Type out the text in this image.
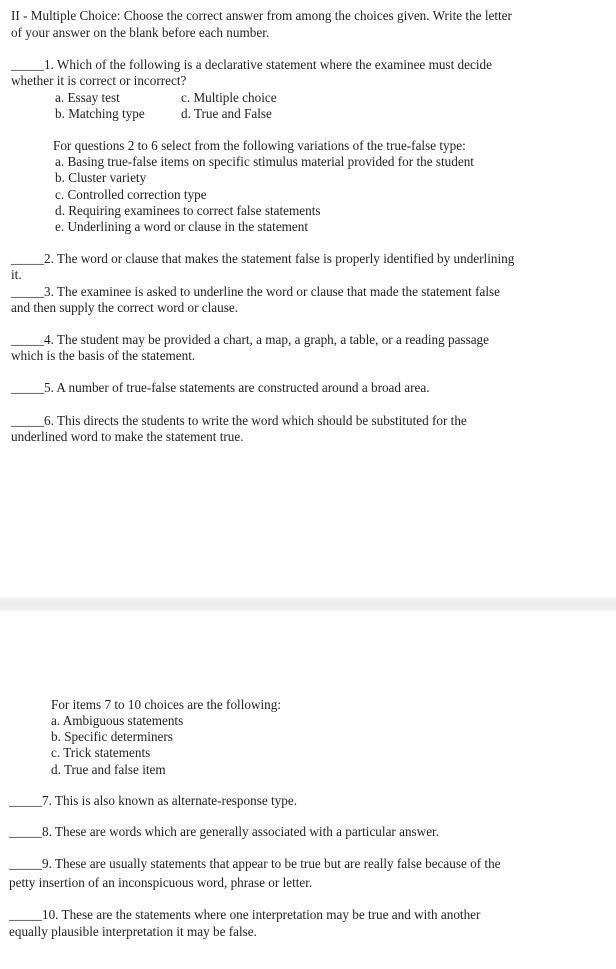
II - Multiple Choice: Choose the correct answer from among the choices given. Write the letter
of your answer on the blank before each number.
_____1. Which of the following is a declarative statement where the examinee must decide
whether it is correct or incorrect?
a. Essay test	c. Multiple choice
b. Matching type	d. True and False
For questions 2 to 6 select from the following variations of the true-false type:
a. Basing true-false items on specific stimulus material provided for the student
b. Cluster variety
c. Controlled correction type
d. Requiring examinees to correct false statements
e. Underlining a word or clause in the statement
_____2. The word or clause that makes the statement false is properly identified by underlining
it.
_____3. The examinee is asked to underline the word or clause that made the statement false
and then supply the correct word or clause.
_____4. The student may be provided a chart, a map, a graph, a table, or a reading passage
which is the basis of the statement.
_____5. A number of true-false statements are constructed around a broad area.
_____6. This directs the students to write the word which should be substituted for the
underlined word to make the statement true.
For items 7 to 10 choices are the following:
a. Ambiguous statements
b. Specific determiners
c. Trick statements
d. True and false item
_____7. This is also known as alternate-response type.
_____8. These are words which are generally associated with a particular answer.
_____9. These are usually statements that appear to be true but are really false because of the
petty insertion of an inconspicuous word, phrase or letter.
_____10. These are the statements where one interpretation may be true and with another
equally plausible interpretation it may be false.
